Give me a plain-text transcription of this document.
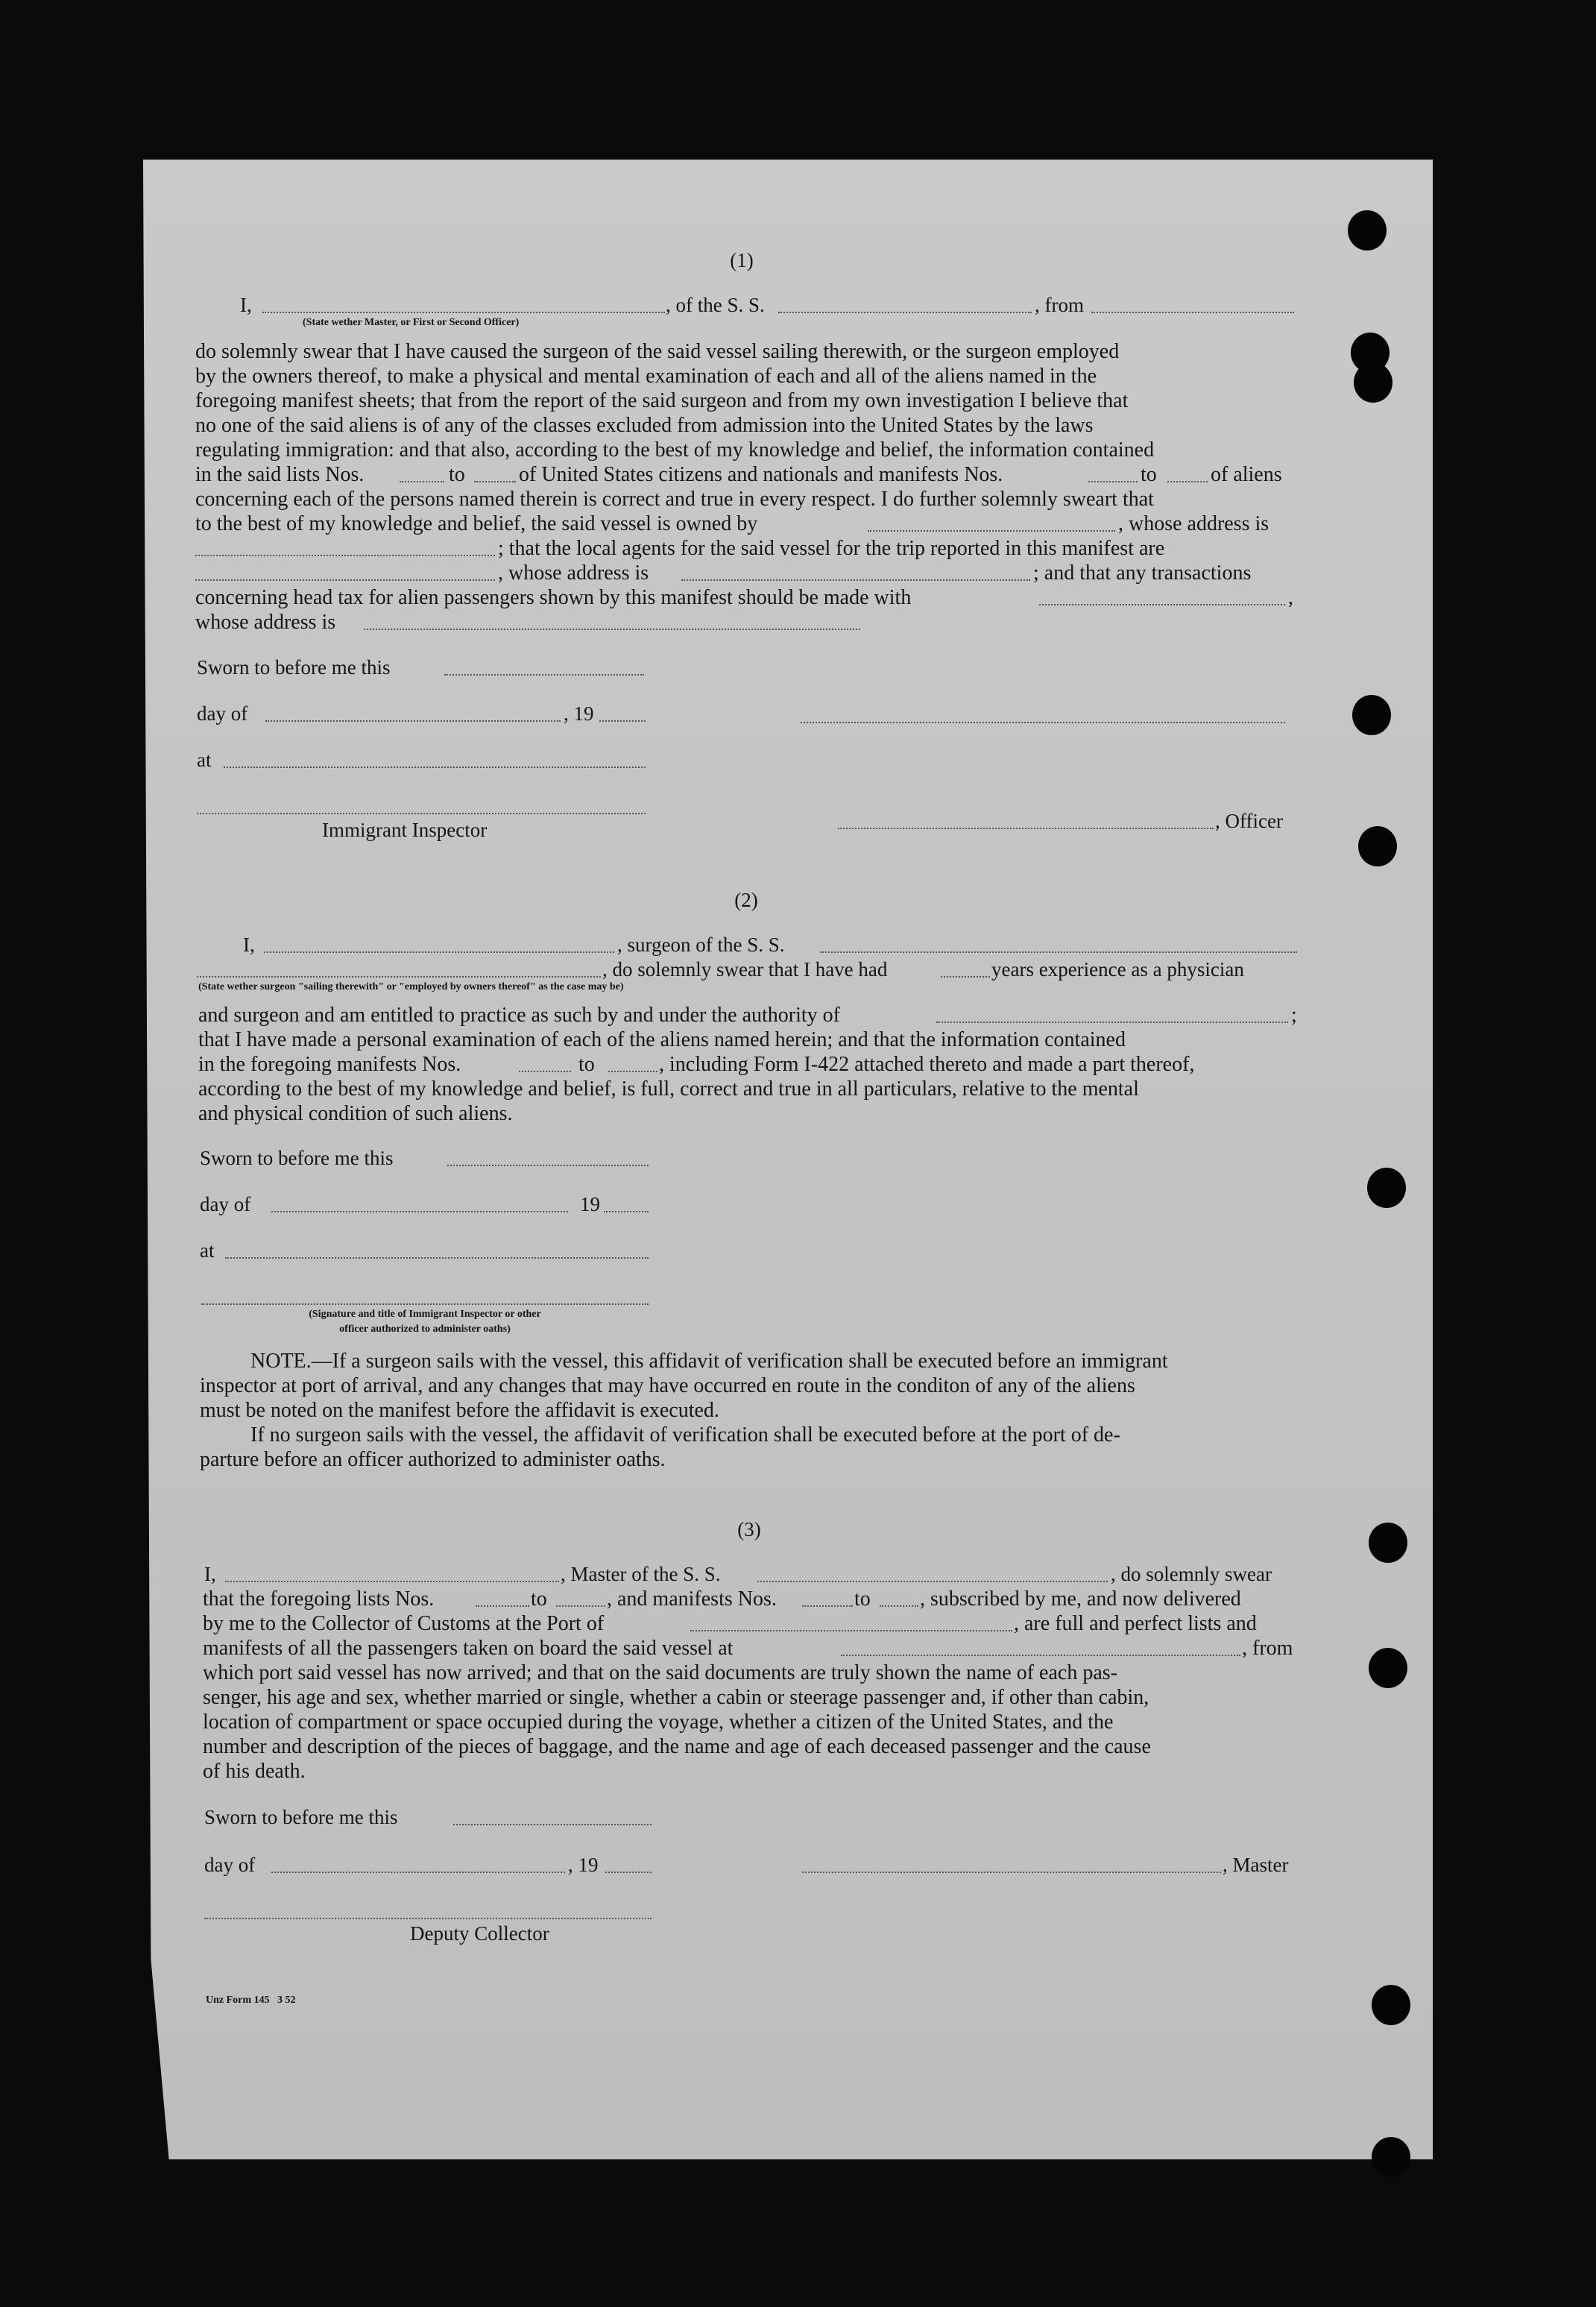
(1)
I,	, of the S. S.	, from
(State wether Master, or First or Second Officer)
do solemnly swear that I have caused the surgeon of the said vessel sailing therewith, or the surgeon employed
by the owners thereof, to make a physical and mental examination of each and all of the aliens named in the
foregoing manifest sheets; that from the report of the said surgeon and from my own investigation I believe that
no one of the said aliens is of any of the classes excluded from admission into the United States by the laws
regulating immigration: and that also, according to the best of my knowledge and belief, the information contained
in the said lists Nos.	to	of United States citizens and nationals and manifests Nos.	to	of aliens
concerning each of the persons named therein is correct and true in every respect. I do further solemnly sweart that
to the best of my knowledge and belief, the said vessel is owned by	, whose address is
; that the local agents for the said vessel for the trip reported in this manifest are
, whose address is	; and that any transactions
concerning head tax for alien passengers shown by this manifest should be made with	,
whose address is
Sworn to before me this
day of	, 19
at
Immigrant Inspector	, Officer
(2)
I,	, surgeon of the S. S.
, do solemnly swear that I have had	years experience as a physician
(State wether surgeon "sailing therewith" or "employed by owners thereof" as the case may be)
and surgeon and am entitled to practice as such by and under the authority of	;
that I have made a personal examination of each of the aliens named herein; and that the information contained
in the foregoing manifests Nos.	to	, including Form I-422 attached thereto and made a part thereof,
according to the best of my knowledge and belief, is full, correct and true in all particulars, relative to the mental
and physical condition of such aliens.
Sworn to before me this
day of	19
at
(Signature and title of Immigrant Inspector or other
officer authorized to administer oaths)
NOTE.—If a surgeon sails with the vessel, this affidavit of verification shall be executed before an immigrant
inspector at port of arrival, and any changes that may have occurred en route in the conditon of any of the aliens
must be noted on the manifest before the affidavit is executed.
If no surgeon sails with the vessel, the affidavit of verification shall be executed before at the port of de-
parture before an officer authorized to administer oaths.
(3)
I,	, Master of the S. S.	, do solemnly swear
that the foregoing lists Nos.	to	, and manifests Nos.	to , subscribed by me, and now delivered
by me to the Collector of Customs at the Port of	, are full and perfect lists and
manifests of all the passengers taken on board the said vessel at	, from
which port said vessel has now arrived; and that on the said documents are truly shown the name of each pas-
senger, his age and sex, whether married or single, whether a cabin or steerage passenger and, if other than cabin,
location of compartment or space occupied during the voyage, whether a citizen of the United States, and the
number and description of the pieces of baggage, and the name and age of each deceased passenger and the cause
of his death.
Sworn to before me this
day of	, 19	, Master
Deputy Collector
Unz Form 145   3 52
